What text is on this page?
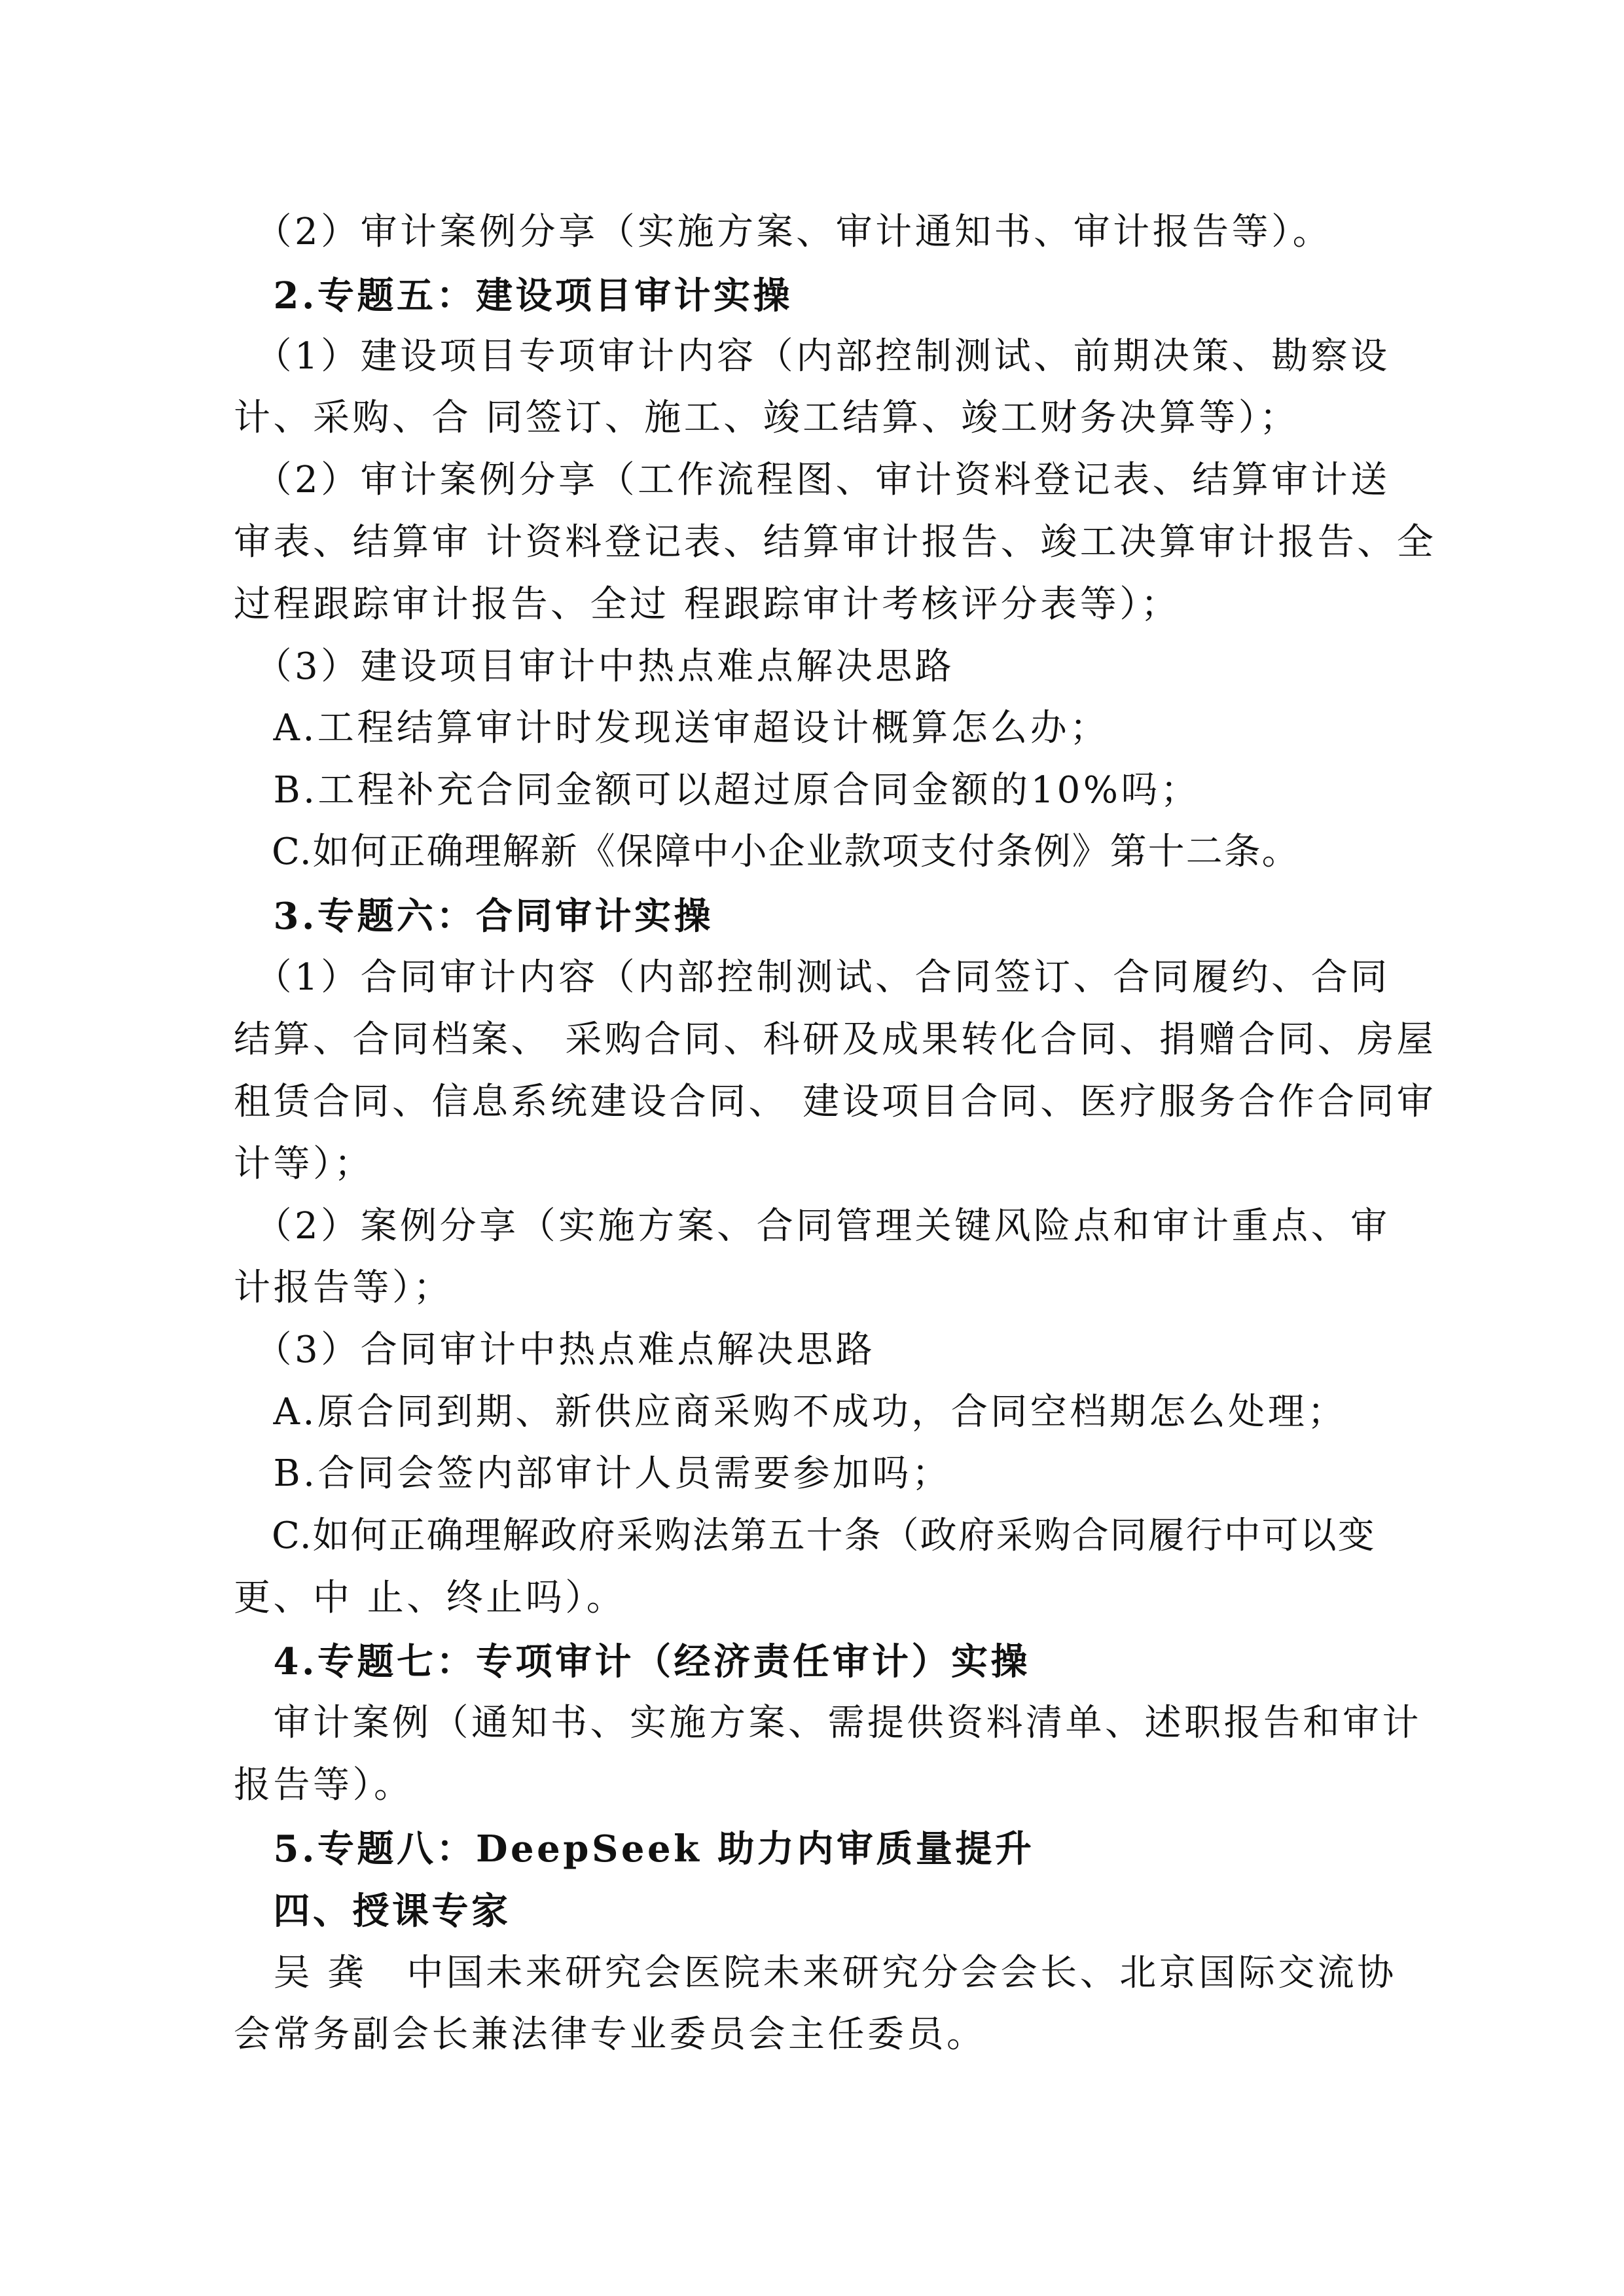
　（2）审计案例分享（实施方案、审计通知书、审计报告等）。
　2.专题五：建设项目审计实操
　（1）建设项目专项审计内容（内部控制测试、前期决策、勘察设
计、采购、合 同签订、施工、竣工结算、竣工财务决算等）；
　（2）审计案例分享（工作流程图、审计资料登记表、结算审计送
审表、结算审 计资料登记表、结算审计报告、竣工决算审计报告、全
过程跟踪审计报告、全过 程跟踪审计考核评分表等）；
　（3）建设项目审计中热点难点解决思路
　A.工程结算审计时发现送审超设计概算怎么办；
　B.工程补充合同金额可以超过原合同金额的10%吗；
　C.如何正确理解新《保障中小企业款项支付条例》第十二条。
　3.专题六：合同审计实操
　（1）合同审计内容（内部控制测试、合同签订、合同履约、合同
结算、合同档案、 采购合同、科研及成果转化合同、捐赠合同、房屋
租赁合同、信息系统建设合同、 建设项目合同、医疗服务合作合同审
计等）；
　（2）案例分享（实施方案、合同管理关键风险点和审计重点、审
计报告等）；
　（3）合同审计中热点难点解决思路
　A.原合同到期、新供应商采购不成功，合同空档期怎么处理；
　B.合同会签内部审计人员需要参加吗；
　C.如何正确理解政府采购法第五十条（政府采购合同履行中可以变
更、中 止、终止吗）。
　4.专题七：专项审计（经济责任审计）实操
　审计案例（通知书、实施方案、需提供资料清单、述职报告和审计
报告等）。
　5.专题八：DeepSeek 助力内审质量提升
　四、授课专家
　吴 龚　中国未来研究会医院未来研究分会会长、北京国际交流协
会常务副会长兼法律专业委员会主任委员。
